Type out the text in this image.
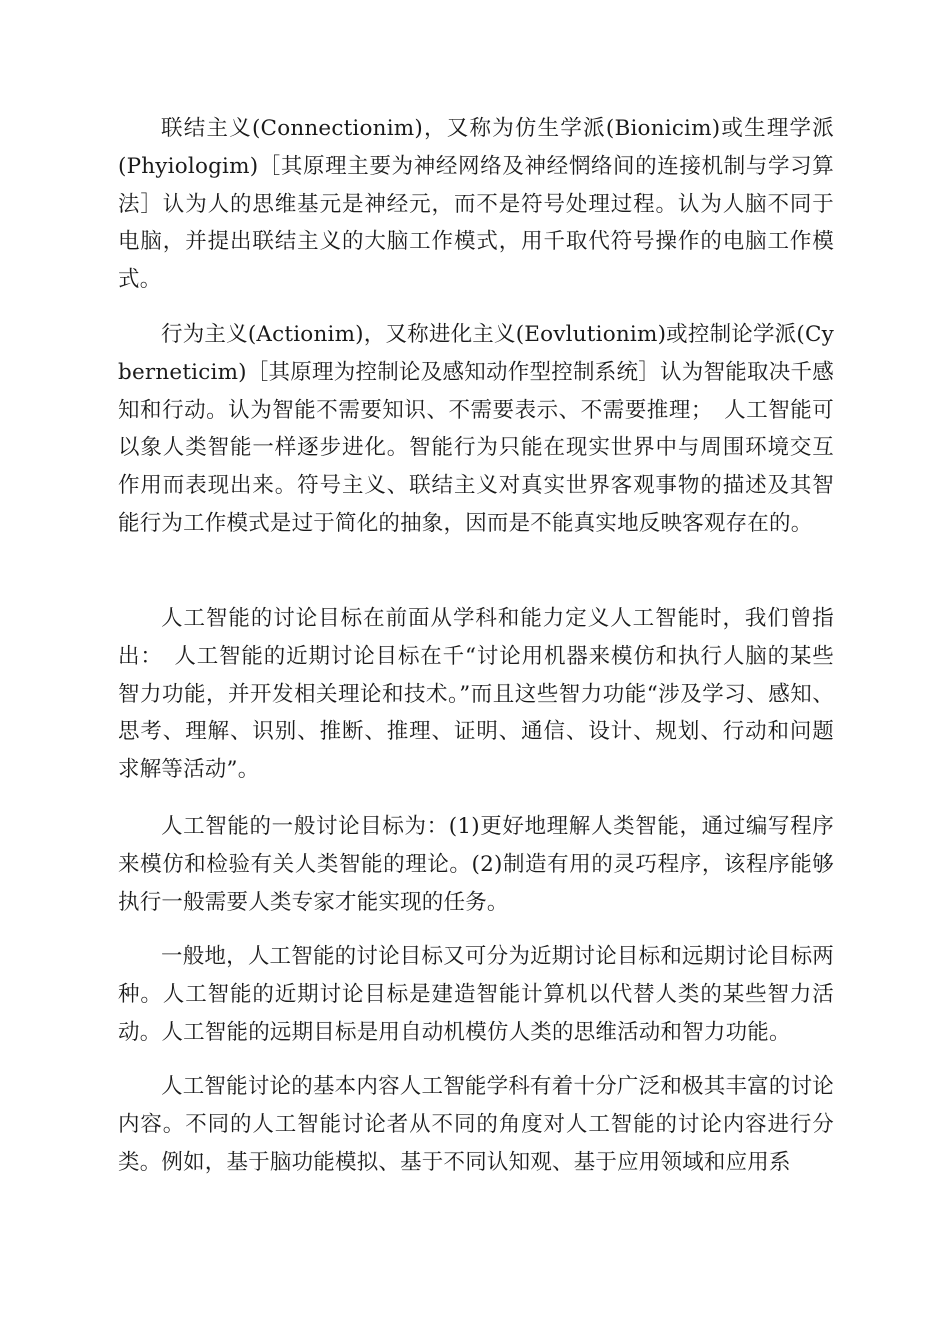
联结主义(Connectionim)，又称为仿生学派(Bionicim)或生理学派(Phyiologim)［其原理主要为神经网络及神经惘络间的连接机制与学习算法］认为人的思维基元是神经元，而不是符号处理过程。认为人脑不同于电脑，并提出联结主义的大脑工作模式，用千取代符号操作的电脑工作模式。

行为主义(Actionim)，又称进化主义(Eovlutionim)或控制论学派(Cyberneticim)［其原理为控制论及感知动作型控制系统］认为智能取决千感知和行动。认为智能不需要知识、不需要表示、不需要推理；　人工智能可以象人类智能一样逐步进化。智能行为只能在现实世界中与周围环境交互作用而表现出来。符号主义、联结主义对真实世界客观事物的描述及其智能行为工作模式是过于简化的抽象，因而是不能真实地反映客观存在的。

人工智能的讨论目标在前面从学科和能力定义人工智能时，我们曾指出：　人工智能的近期讨论目标在千“讨论用机器来模仿和执行人脑的某些智力功能，并开发相关理论和技术。”而且这些智力功能“涉及学习、感知、思考、理解、识别、推断、推理、证明、通信、设计、规划、行动和问题求解等活动”。

人工智能的一般讨论目标为：(1)更好地理解人类智能，通过编写程序来模仿和检验有关人类智能的理论。(2)制造有用的灵巧程序，该程序能够执行一般需要人类专家才能实现的任务。

一般地，人工智能的讨论目标又可分为近期讨论目标和远期讨论目标两种。人工智能的近期讨论目标是建造智能计算机以代替人类的某些智力活动。人工智能的远期目标是用自动机模仿人类的思维活动和智力功能。

人工智能讨论的基本内容人工智能学科有着十分广泛和极其丰富的讨论内容。不同的人工智能讨论者从不同的角度对人工智能的讨论内容进行分类。例如，基于脑功能模拟、基于不同认知观、基于应用领域和应用系
